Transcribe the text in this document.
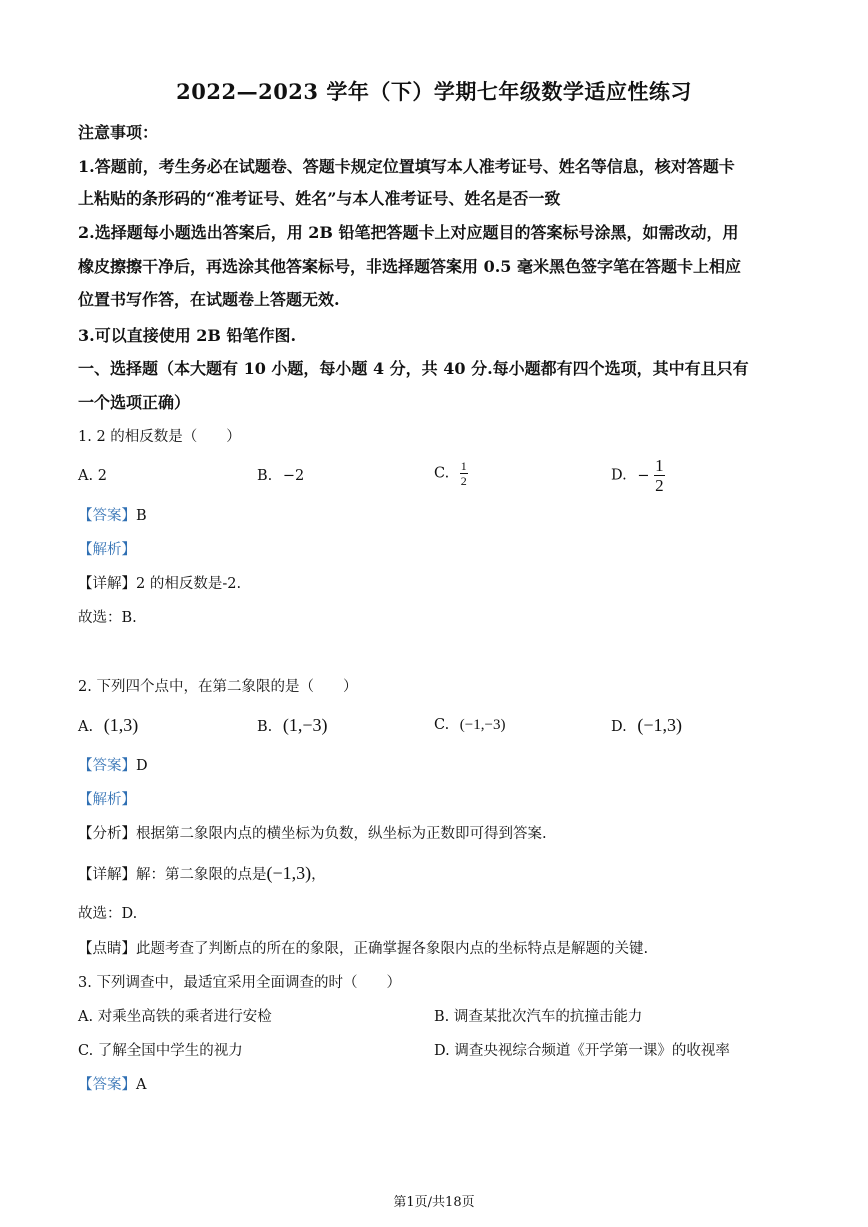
2022—2023 学年（下）学期七年级数学适应性练习
注意事项：
1.答题前，考生务必在试题卷、答题卡规定位置填写本人准考证号、姓名等信息，核对答题卡
上粘贴的条形码的“准考证号、姓名”与本人准考证号、姓名是否一致
2.选择题每小题选出答案后，用 2B 铅笔把答题卡上对应题目的答案标号涂黑，如需改动，用
橡皮擦擦干净后，再选涂其他答案标号，非选择题答案用 0.5 毫米黑色签字笔在答题卡上相应
位置书写作答，在试题卷上答题无效.
3.可以直接使用 2B 铅笔作图.
一、选择题（本大题有 10 小题，每小题 4 分，共 40 分.每小题都有四个选项，其中有且只有
一个选项正确）
1. 2 的相反数是（　　）
A. 2	B. −2	C. $\frac{1}{2}$	D. − $\frac{1}{2}$
【答案】B
【解析】
【详解】2 的相反数是-2.
故选：B.
2. 下列四个点中，在第二象限的是（　　）
A. (1,3)	B. (1,−3)	C. (−1,−3)	D. (−1,3)
【答案】D
【解析】
【分析】根据第二象限内点的横坐标为负数，纵坐标为正数即可得到答案.
【详解】解：第二象限的点是(−1,3)，
故选：D.
【点睛】此题考查了判断点的所在的象限，正确掌握各象限内点的坐标特点是解题的关键.
3. 下列调查中，最适宜采用全面调查的时（　　）
A. 对乘坐高铁的乘者进行安检	B. 调查某批次汽车的抗撞击能力
C. 了解全国中学生的视力	D. 调查央视综合频道《开学第一课》的收视率
【答案】A
第1页/共18页
